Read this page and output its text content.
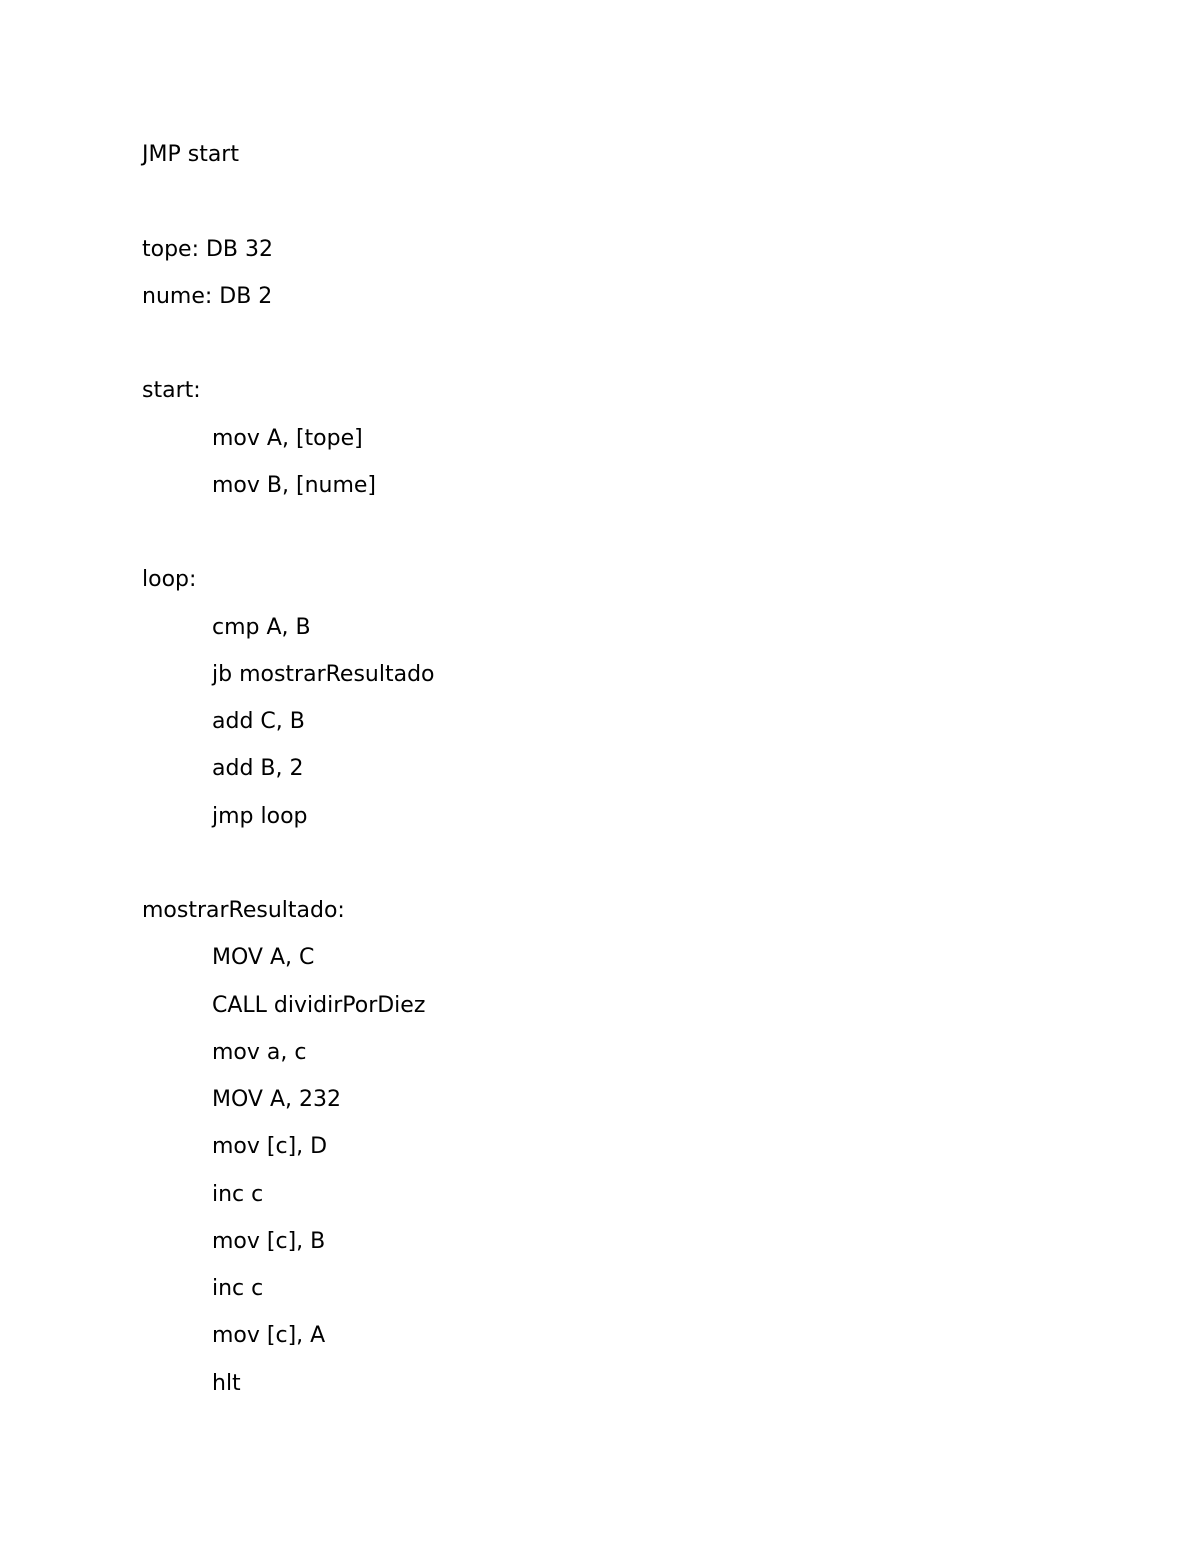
JMP start
tope: DB 32
nume: DB 2
start:
mov A, [tope]
mov B, [nume]
loop:
cmp A, B
jb mostrarResultado
add C, B
add B, 2
jmp loop
mostrarResultado:
MOV A, C
CALL dividirPorDiez
mov a, c
MOV A, 232
mov [c], D
inc c
mov [c], B
inc c
mov [c], A
hlt
